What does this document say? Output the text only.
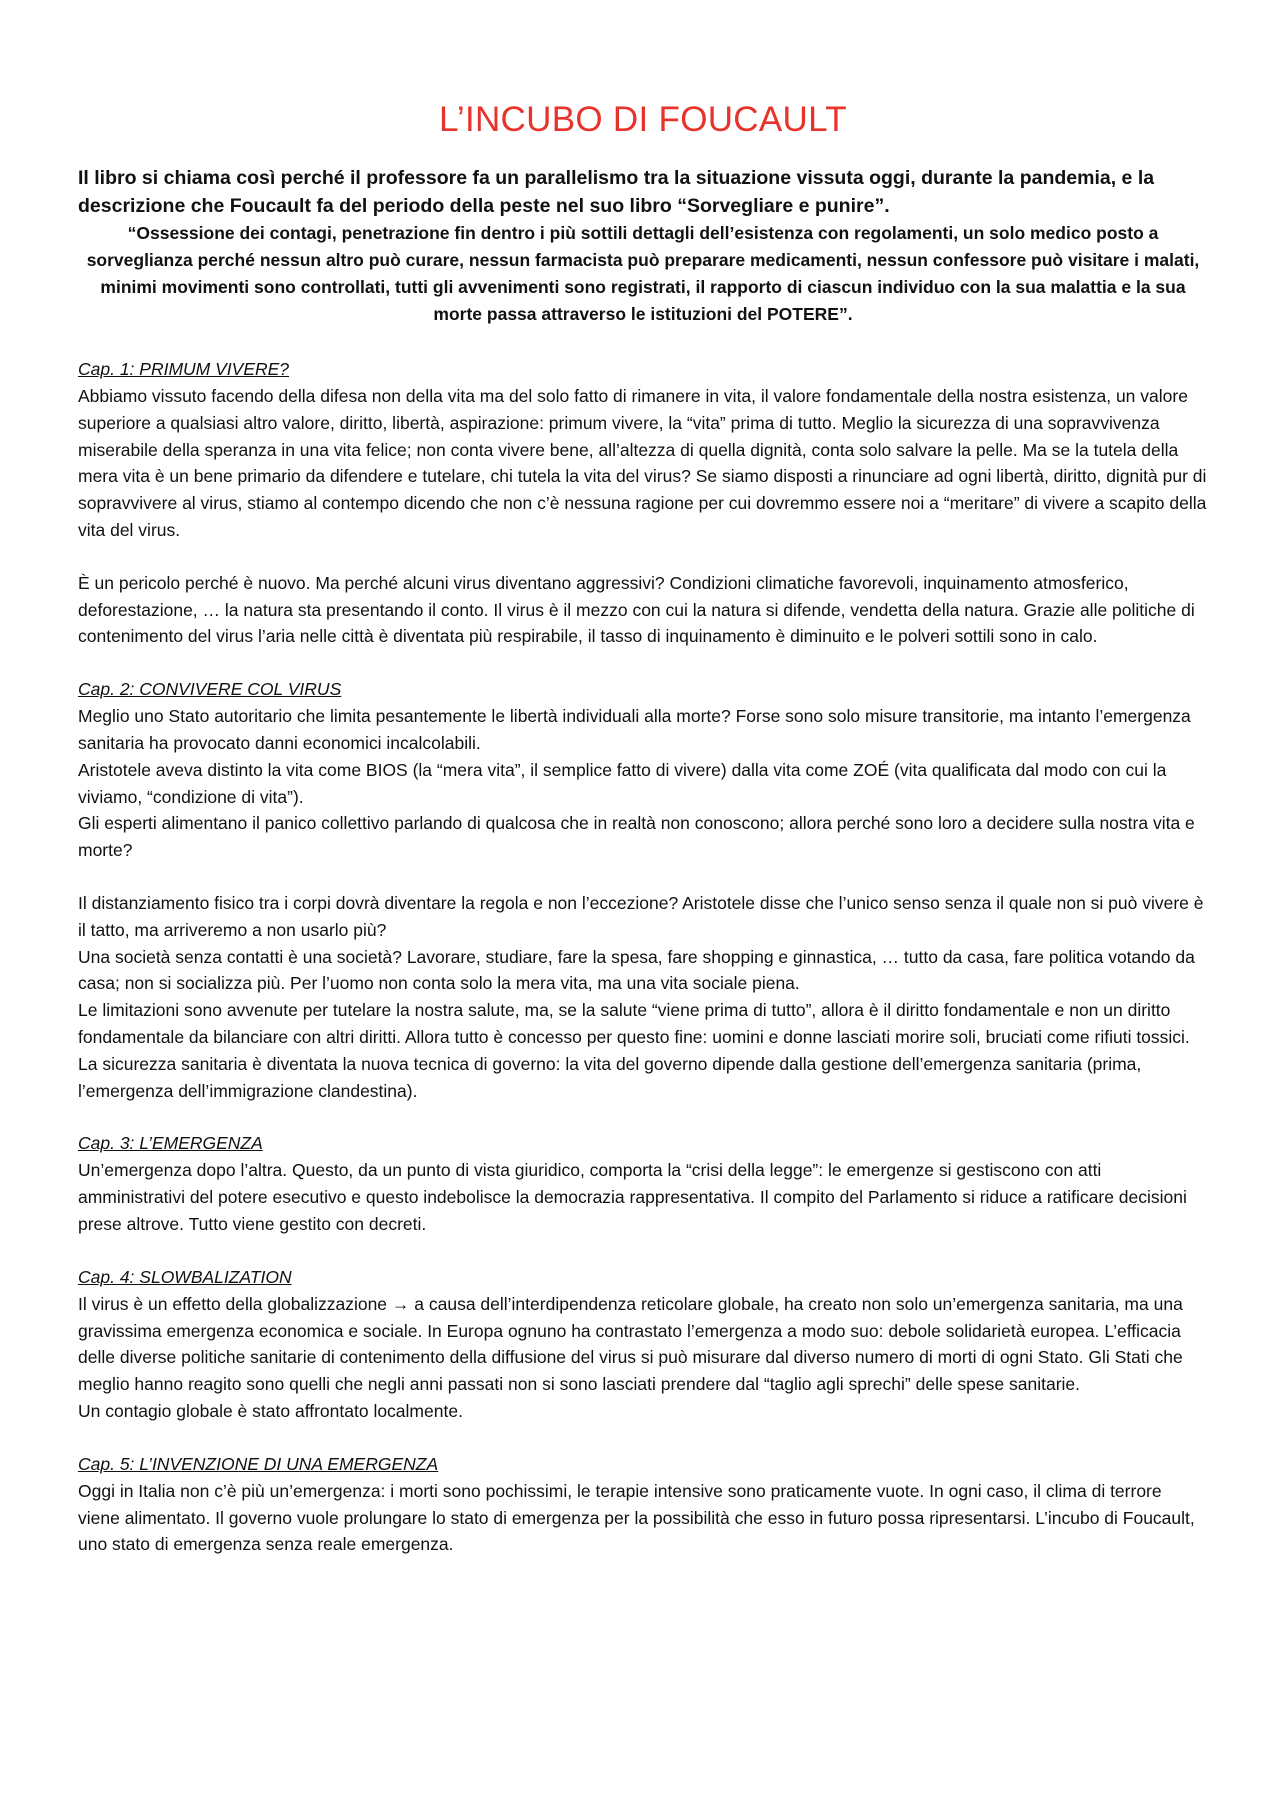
L’INCUBO DI FOUCAULT

Il libro si chiama così perché il professore fa un parallelismo tra la situazione vissuta oggi, durante la pandemia, e la descrizione che Foucault fa del periodo della peste nel suo libro “Sorvegliare e punire”.

“Ossessione dei contagi, penetrazione fin dentro i più sottili dettagli dell’esistenza con regolamenti, un solo medico posto a sorveglianza perché nessun altro può curare, nessun farmacista può preparare medicamenti, nessun confessore può visitare i malati, minimi movimenti sono controllati, tutti gli avvenimenti sono registrati, il rapporto di ciascun individuo con la sua malattia e la sua morte passa attraverso le istituzioni del POTERE”.

Cap. 1: PRIMUM VIVERE?

Abbiamo vissuto facendo della difesa non della vita ma del solo fatto di rimanere in vita, il valore fondamentale della nostra esistenza, un valore superiore a qualsiasi altro valore, diritto, libertà, aspirazione: primum vivere, la “vita” prima di tutto. Meglio la sicurezza di una sopravvivenza miserabile della speranza in una vita felice; non conta vivere bene, all’altezza di quella dignità, conta solo salvare la pelle. Ma se la tutela della mera vita è un bene primario da difendere e tutelare, chi tutela la vita del virus? Se siamo disposti a rinunciare ad ogni libertà, diritto, dignità pur di sopravvivere al virus, stiamo al contempo dicendo che non c’è nessuna ragione per cui dovremmo essere noi a “meritare” di vivere a scapito della vita del virus.

È un pericolo perché è nuovo. Ma perché alcuni virus diventano aggressivi? Condizioni climatiche favorevoli, inquinamento atmosferico, deforestazione, … la natura sta presentando il conto. Il virus è il mezzo con cui la natura si difende, vendetta della natura. Grazie alle politiche di contenimento del virus l’aria nelle città è diventata più respirabile, il tasso di inquinamento è diminuito e le polveri sottili sono in calo.

Cap. 2: CONVIVERE COL VIRUS

Meglio uno Stato autoritario che limita pesantemente le libertà individuali alla morte? Forse sono solo misure transitorie, ma intanto l’emergenza sanitaria ha provocato danni economici incalcolabili.

Aristotele aveva distinto la vita come BIOS (la “mera vita”, il semplice fatto di vivere) dalla vita come ZOÉ (vita qualificata dal modo con cui la viviamo, “condizione di vita”).

Gli esperti alimentano il panico collettivo parlando di qualcosa che in realtà non conoscono; allora perché sono loro a decidere sulla nostra vita e morte?

Il distanziamento fisico tra i corpi dovrà diventare la regola e non l’eccezione? Aristotele disse che l’unico senso senza il quale non si può vivere è il tatto, ma arriveremo a non usarlo più?

Una società senza contatti è una società? Lavorare, studiare, fare la spesa, fare shopping e ginnastica, … tutto da casa, fare politica votando da casa; non si socializza più. Per l’uomo non conta solo la mera vita, ma una vita sociale piena.

Le limitazioni sono avvenute per tutelare la nostra salute, ma, se la salute “viene prima di tutto”, allora è il diritto fondamentale e non un diritto fondamentale da bilanciare con altri diritti. Allora tutto è concesso per questo fine: uomini e donne lasciati morire soli, bruciati come rifiuti tossici.

La sicurezza sanitaria è diventata la nuova tecnica di governo: la vita del governo dipende dalla gestione dell’emergenza sanitaria (prima, l’emergenza dell’immigrazione clandestina).

Cap. 3: L’EMERGENZA

Un’emergenza dopo l’altra. Questo, da un punto di vista giuridico, comporta la “crisi della legge”: le emergenze si gestiscono con atti amministrativi del potere esecutivo e questo indebolisce la democrazia rappresentativa. Il compito del Parlamento si riduce a ratificare decisioni prese altrove. Tutto viene gestito con decreti.

Cap. 4: SLOWBALIZATION

Il virus è un effetto della globalizzazione → a causa dell’interdipendenza reticolare globale, ha creato non solo un’emergenza sanitaria, ma una gravissima emergenza economica e sociale. In Europa ognuno ha contrastato l’emergenza a modo suo: debole solidarietà europea. L’efficacia delle diverse politiche sanitarie di contenimento della diffusione del virus si può misurare dal diverso numero di morti di ogni Stato. Gli Stati che meglio hanno reagito sono quelli che negli anni passati non si sono lasciati prendere dal “taglio agli sprechi” delle spese sanitarie.

Un contagio globale è stato affrontato localmente.

Cap. 5: L’INVENZIONE DI UNA EMERGENZA

Oggi in Italia non c’è più un’emergenza: i morti sono pochissimi, le terapie intensive sono praticamente vuote. In ogni caso, il clima di terrore viene alimentato. Il governo vuole prolungare lo stato di emergenza per la possibilità che esso in futuro possa ripresentarsi. L’incubo di Foucault, uno stato di emergenza senza reale emergenza.
